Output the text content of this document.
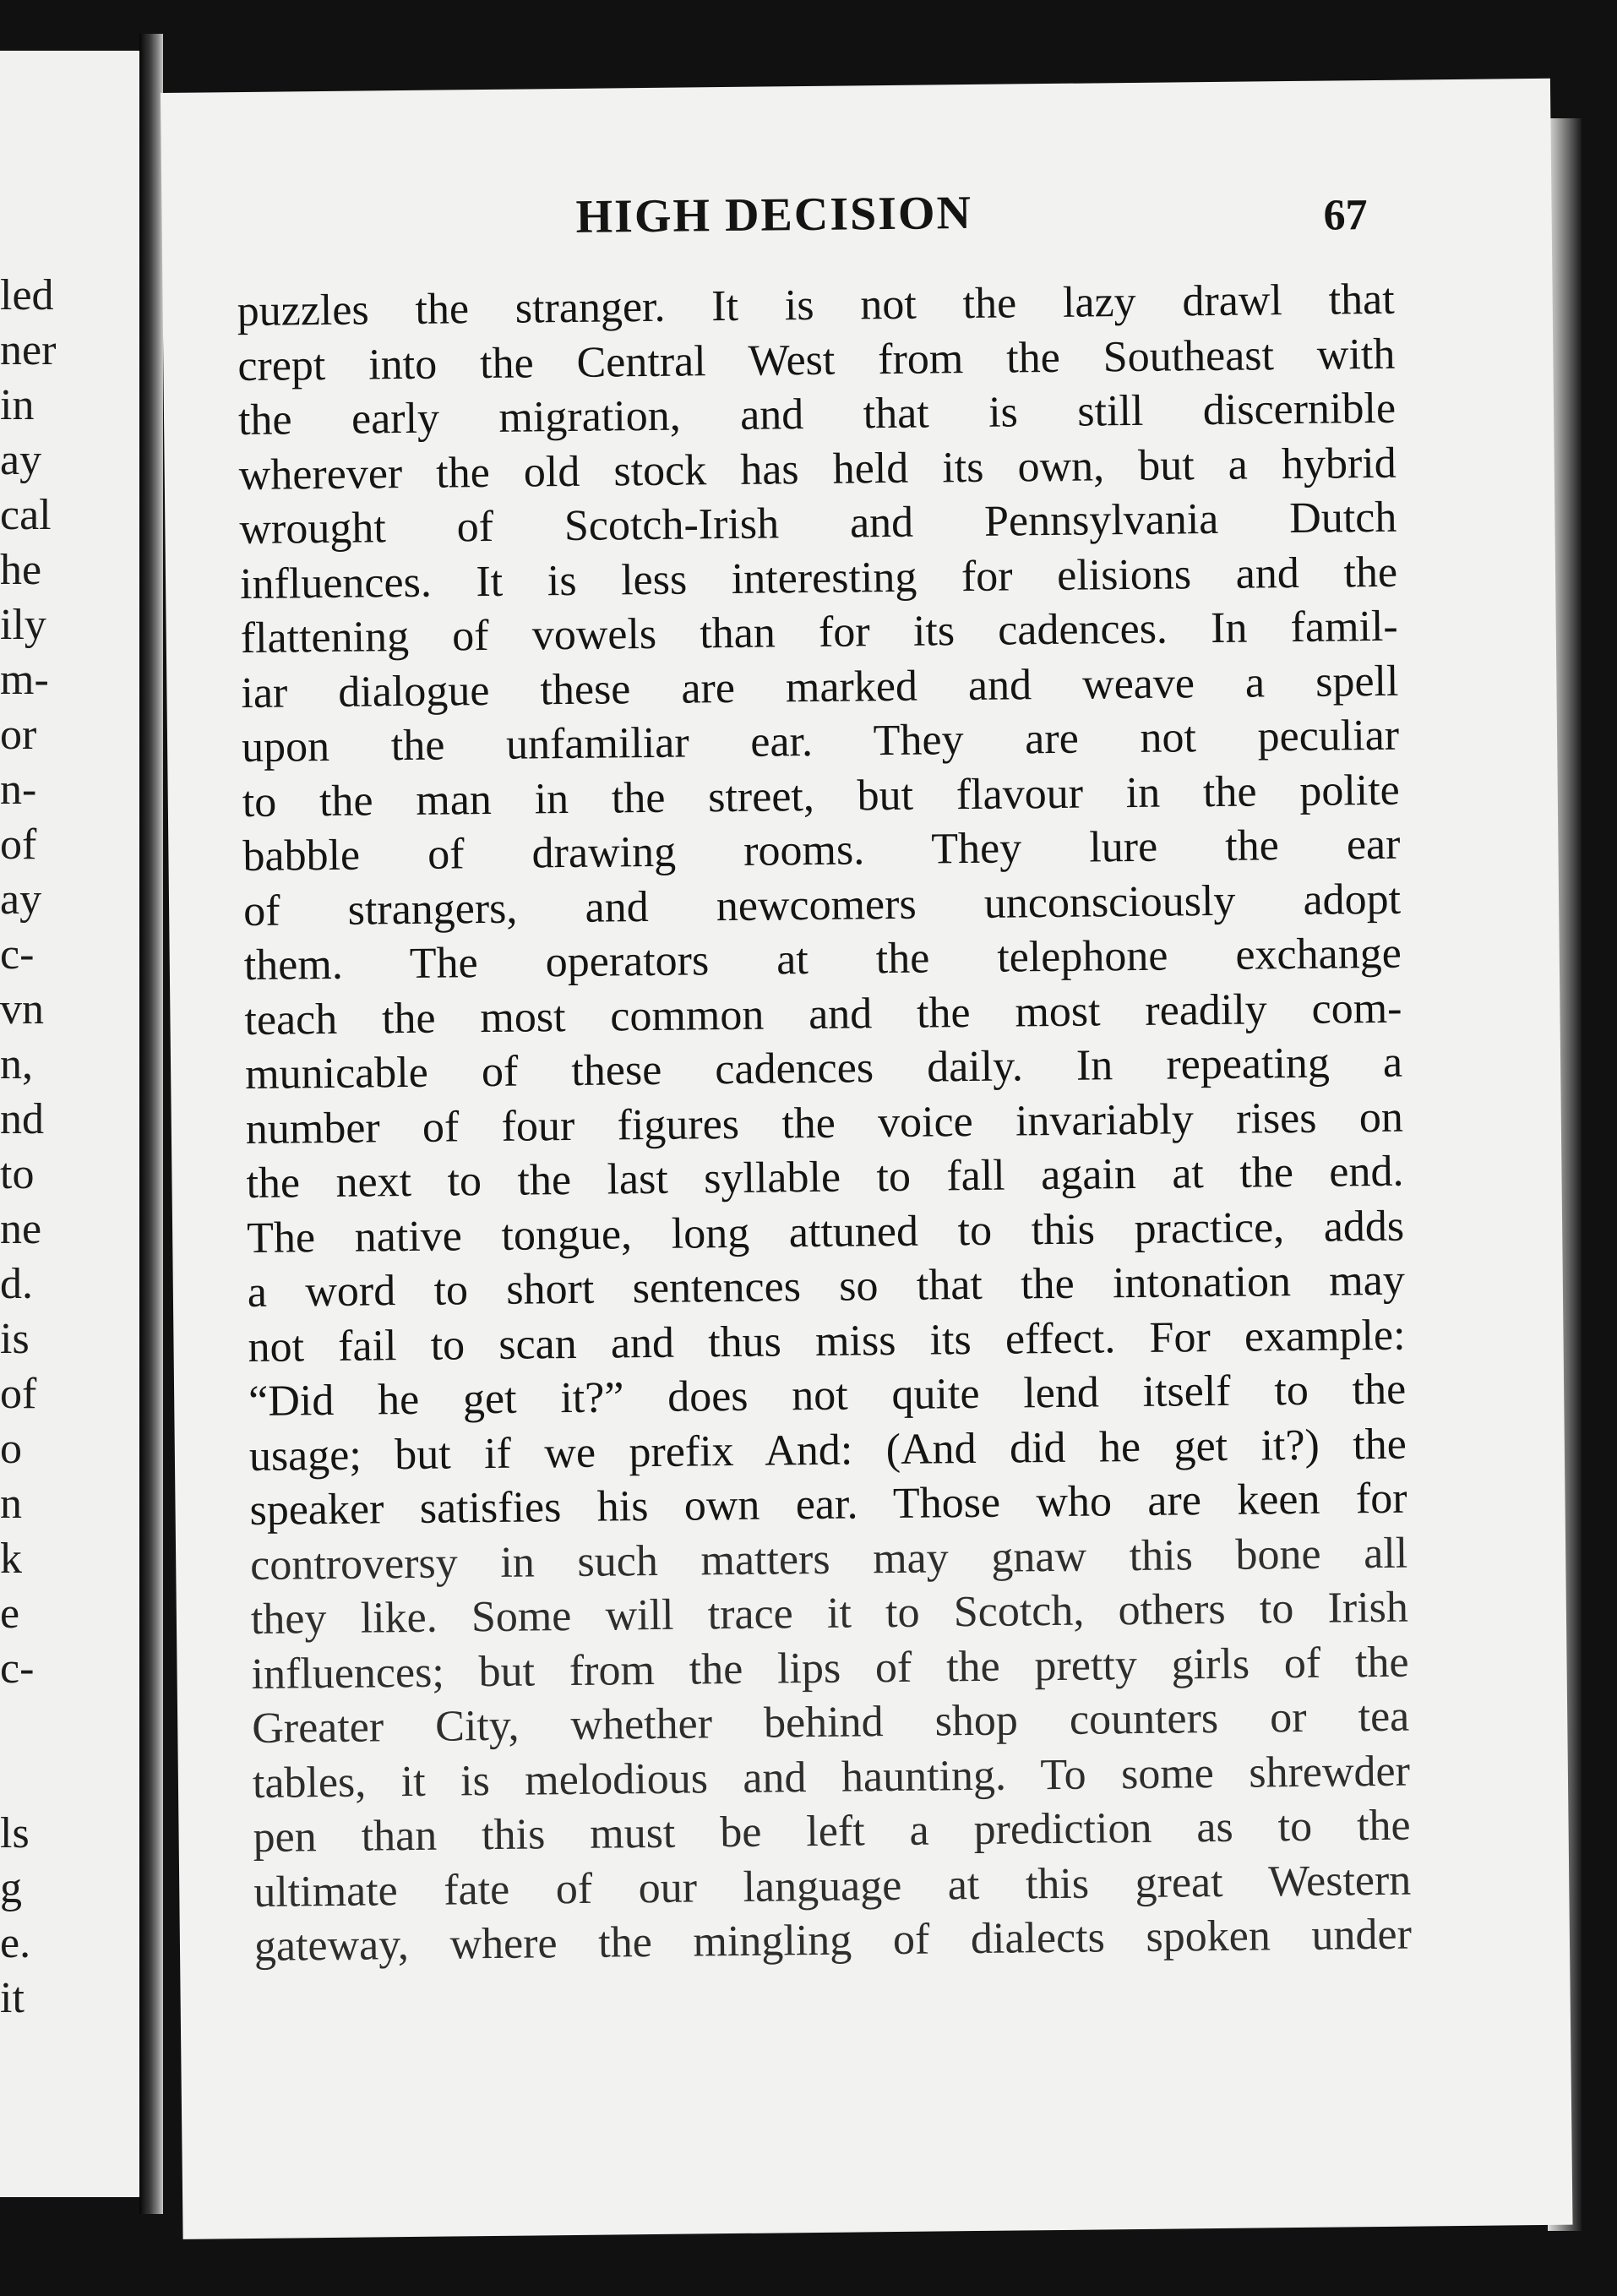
led
ner
in
ay
cal
he
ily
m-
or
n-
of
ay
c-
vn
n,
nd
to
ne
d.
is
of
o
n
k
e
c-
ls
g
e.
it
HIGH DECISION	67
puzzles the stranger. It is not the lazy drawl that
crept into the Central West from the Southeast with
the early migration, and that is still discernible
wherever the old stock has held its own, but a hybrid
wrought of Scotch-Irish and Pennsylvania Dutch
influences. It is less interesting for elisions and the
flattening of vowels than for its cadences. In famil-
iar dialogue these are marked and weave a spell
upon the unfamiliar ear. They are not peculiar
to the man in the street, but flavour in the polite
babble of drawing rooms. They lure the ear
of strangers, and newcomers unconsciously adopt
them. The operators at the telephone exchange
teach the most common and the most readily com-
municable of these cadences daily. In repeating a
number of four figures the voice invariably rises on
the next to the last syllable to fall again at the end.
The native tongue, long attuned to this practice, adds
a word to short sentences so that the intonation may
not fail to scan and thus miss its effect. For example:
“Did he get it?” does not quite lend itself to the
usage; but if we prefix And: (And did he get it?) the
speaker satisfies his own ear. Those who are keen for
controversy in such matters may gnaw this bone all
they like. Some will trace it to Scotch, others to Irish
influences; but from the lips of the pretty girls of the
Greater City, whether behind shop counters or tea
tables, it is melodious and haunting. To some shrewder
pen than this must be left a prediction as to the
ultimate fate of our language at this great Western
gateway, where the mingling of dialects spoken under
